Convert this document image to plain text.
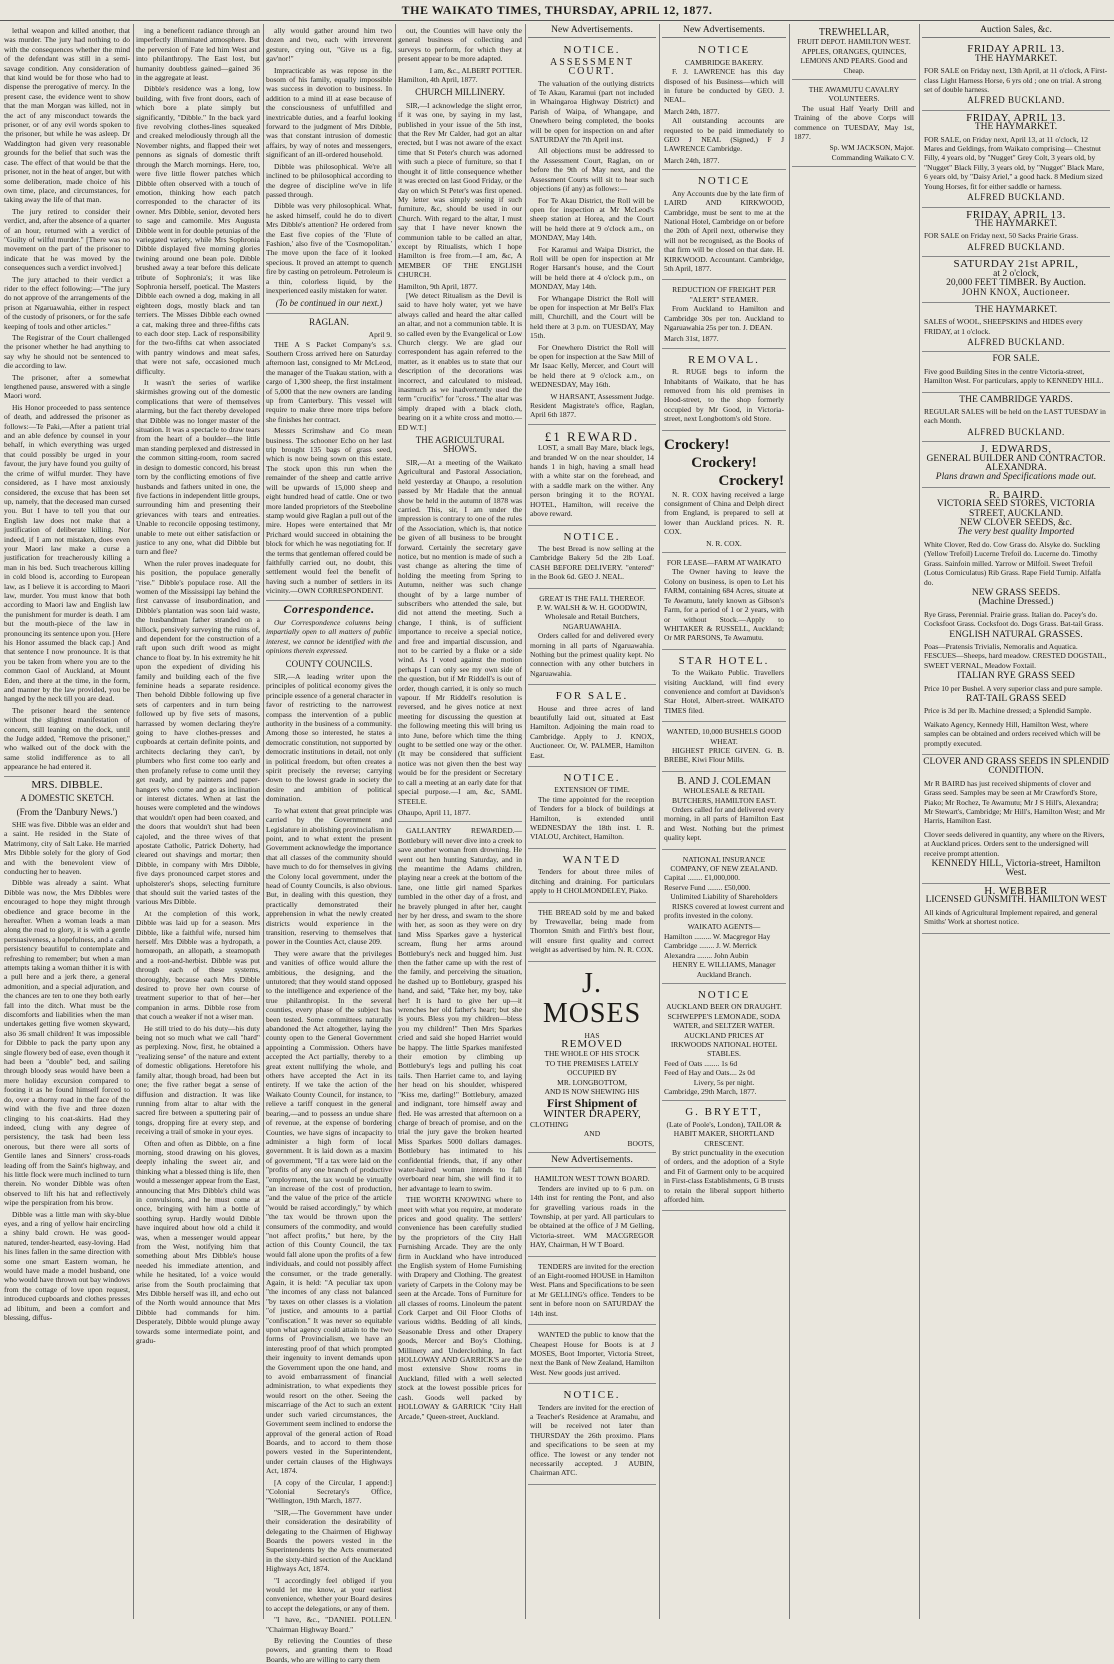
THE WAIKATO TIMES, THURSDAY, APRIL 12, 1877.

lethal weapon and killed another, that was murder. The jury had nothing to do with the consequences whether the mind of the defendant was still in a semi-savage condition. Any consideration of that kind would be for those who had to dispense the prerogative of mercy. In the present case, the evidence went to show that the man Morgan was killed, not in the act of any misconduct towards the prisoner, or of any evil words spoken to the prisoner, but while he was asleep. Dr Waddington had given very reasonable grounds for the belief that such was the case. The effect of that would be that the prisoner, not in the heat of anger, but with some deliberation, made choice of his own time, place, and circumstances, for taking away the life of that man.

The jury retired to consider their verdict, and, after the absence of a quarter of an hour, returned with a verdict of "Guilty of wilful murder." [There was no movement on the part of the prisoner to indicate that he was moved by the consequences such a verdict involved.]

The jury attached to their verdict a rider to the effect following:—"The jury do not approve of the arrangements of the prison at Ngaruawahia, either in respect of the custody of prisoners, or for the safe keeping of tools and other articles."

The Registrar of the Court challenged the prisoner whether he had anything to say why he should not be sentenced to die according to law.

The prisoner, after a somewhat lengthened pause, answered with a single Maori word.

His Honor proceeded to pass sentence of death, and addressed the prisoner as follows:—Te Paki,—After a patient trial and an able defence by counsel in your behalf, in which everything was urged that could possibly be urged in your favour, the jury have found you guilty of the crime of wilful murder. They have considered, as I have most anxiously considered, the excuse that has been set up, namely, that the deceased man cursed you. But I have to tell you that our English law does not make that a justification of deliberate killing. Nor indeed, if I am not mistaken, does even your Maori law make a curse a justification for treacherously killing a man in his bed. Such treacherous killing in cold blood is, according to European law, as I believe it is according to Maori law, murder. You must know that both according to Maori law and English law the punishment for murder is death. I am but the mouth-piece of the law in pronouncing its sentence upon you. [Here his Honor assumed the black cap.] And that sentence I now pronounce. It is that you be taken from where you are to the common Gaol of Auckland, at Mount Eden, and there at the time, in the form, and manner by the law provided, you be hanged by the neck till you are dead.

The prisoner heard the sentence without the slightest manifestation of concern, still leaning on the dock, until the Judge added, "Remove the prisoner," who walked out of the dock with the same stolid indifference as to all appearance he had entered it.

MRS. DIBBLE.
A DOMESTIC SKETCH.
(From the 'Danbury News.')

SHE was five. Dibble was an elder and a saint. He resided in the State of Matrimony, city of Salt Lake. He married Mrs Dibble solely for the glory of God and with the benevolent view of conducting her to heaven.

Dibble was already a saint. What Dibble was now, the Mrs Dibbles were encouraged to hope they might through obedience and grace become in the hereafter. When a woman leads a man along the road to glory, it is with a gentle persuasiveness, a hopefulness, and a calm persistency beautiful to contemplate and refreshing to remember; but when a man attempts taking a woman thither it is with a pull here and a jerk there, a general admonition, and a special adjuration, and the chances are ten to one they both early fall into the ditch. What must be the discomforts and liabilities when the man undertakes getting five women skyward, also 36 small children! It was impossible for Dibble to pack the party upon any single flowery bed of ease, even though it had been a "double" bed, and sailing through bloody seas would have been a mere holiday excursion compared to footing it as he found himself forced to do, over a thorny road in the face of the wind with the five and three dozen clinging to his coat-skirts. Had they indeed, clung with any degree of persistency, the task had been less onerous, but there were all sorts of Gentile lanes and Sinners' cross-roads leading off from the Saint's highway, and his little flock were much inclined to turn therein. No wonder Dibble was often observed to lift his hat and reflectively wipe the perspiration from his brow.

Dibble was a little man with sky-blue eyes, and a ring of yellow hair encircling a shiny bald crown. He was good-natured, tender-hearted, easy-loving. Had his lines fallen in the same direction with some one smart Eastern woman, he would have made a model husband, one who would have thrown out bay windows from the cottage of love upon request, introduced cupboards and clothes presses ad libitum, and been a comfort and blessing, diffus-

ing a beneficent radiance through an imperfectly illuminated atmosphere. But the perversion of Fate led him West and into philanthropy. The East lost, but humanity doubtless gained—gained 36 in the aggregate at least.

Dibble's residence was a long, low building, with five front doors, each of which bore a plate simply but significantly, "Dibble." In the back yard five revolving clothes-lines squeaked and creaked melodiously through all the November nights, and flapped their wet pennons as signals of domestic thrift through the March mornings. Here, too, were five little flower patches which Dibble often observed with a touch of emotion, thinking how each patch corresponded to the character of its owner. Mrs Dibble, senior, devoted hers to sage and camomile. Mrs Augusta Dibble went in for double petunias of the variegated variety, while Mrs Sophronia Dibble displayed five morning glories twining around one bean pole. Dibble brushed away a tear before this delicate tribute of Sophronia's; it was like Sophronia herself, poetical. The Masters Dibble each owned a dog, making in all eighteen dogs, mostly black and tan terriers. The Misses Dibble each owned a cat, making three and three-fifths cats to each door step. Lack of responsibility for the two-fifths cat when associated with pantry windows and meat safes, that were not safe, occasioned much difficulty.

It wasn't the series of warlike skirmishes growing out of the domestic complications that were of themselves alarming, but the fact thereby developed that Dibble was no longer master of the situation. It was a spectacle to draw tears from the heart of a boulder—the little man standing perplexed and distressed in the common sitting-room, room sacred in design to domestic concord, his breast torn by the conflicting emotions of five husbands and fathers united in one, the five factions in independent little groups, surrounding him and presenting their grievances with tears and entreaties. Unable to reconcile opposing testimony, unable to mete out either satisfaction or justice to any one, what did Dibble but turn and flee?

When the ruler proves inadequate for his position, the populace generally "rise." Dibble's populace rose. All the women of the Mississippi lay behind the first canvasse of insubordination, and Dibble's plantation was soon laid waste, the husbandman father stranded on a hillock, pensively surveying the ruins of, and dependent for the construction of a raft upon such drift wood as might chance to float by. In his extremity he hit upon the expedient of dividing his family and building each of the five feminine heads a separate residence. Then behold Dibble following up five sets of carpenters and in turn being followed up by five sets of masons, harrassed by women declaring they're going to have clothes-presses and cupboards at certain definite points, and architects declaring they can't, by plumbers who first come too early and then profanely refuse to come until they get ready, and by painters and paper-hangers who come and go as inclination or interest dictates. When at last the houses were completed and the windows that wouldn't open had been coaxed, and the doors that wouldn't shut had been cajoled, and the three wives of that apostate Catholic, Patrick Doherty, had cleared out shavings and mortar; then Dibble, in company with Mrs Dibble, five days pronounced carpet stores and upholsterer's shops, selecting furniture that should suit the varied tastes of the various Mrs Dibble.

At the completion of this work, Dibble was laid up for a season. Mrs Dibble, like a faithful wife, nursed him herself. Mrs Dibble was a hydropath, a homœopath, an allopath, a steamopath and a root-and-herbist. Dibble was put through each of these systems, thoroughly, because each Mrs Dibble desired to prove her own course of treatment superior to that of her—her companion in arms. Dibble rose from that couch a weaker if not a wiser man.

He still tried to do his duty—his duty being not so much what we call "hard" as perplexing. Now, first, he obtained a "realizing sense" of the nature and extent of domestic obligations. Heretofore his family altar, though broad, had been but one; the five rather begat a sense of diffusion and distraction. It was like running from altar to altar with the sacred fire between a sputtering pair of tongs, dropping fire at every step, and receiving a trail of smoke in your eyes.

Often and often as Dibble, on a fine morning, stood drawing on his gloves, deeply inhaling the sweet air, and thinking what a blessed thing is life, then would a messenger appear from the East, announcing that Mrs Dibble's child was in convulsions, and he must come at once, bringing with him a bottle of soothing syrup. Hardly would Dibble have inquired about how old a child it was, when a messenger would appear from the West, notifying him that something about Mrs Dibble's house needed his immediate attention, and while he hesitated, lo! a voice would arise from the South proclaiming that Mrs Dibble herself was ill, and echo out of the North would announce that Mrs Dibble had commands for him. Desperately, Dibble would plunge away towards some intermediate point, and gradu-

ally would gather around him two dozen and two, each with irreverent gesture, crying out, "Give us a fig, gav'nor!"

Impracticable as was repose in the bosom of his family, equally impossible was success in devotion to business. In addition to a mind ill at ease because of the consciousness of unfulfilled and inextricable duties, and a fearful looking forward to the judgment of Mrs Dibble, was that constant intrusion of domestic affairs, by way of notes and messengers, significant of an ill-ordered household.

Dibble was philosophical. We're all inclined to be philosophical according to the degree of discipline we've in life passed through.

Dibble was very philosophical. What, he asked himself, could he do to divert Mrs Dibble's attention? He ordered from the East five copies of the 'Flute of Fashion,' also five of the 'Cosmopolitan.' The move upon the face of it looked specious. It proved an attempt to quench fire by casting on petroleum. Petroleum is a thin, colorless liquid, by the inexperienced easily mistaken for water.

(To be continued in our next.)
RAGLAN.
April 9.

THE A S Packet Company's s.s. Southern Cross arrived here on Saturday afternoon last, consigned to Mr McLeod, the manager of the Tuakau station, with a cargo of 1,300 sheep, the first instalment of 5,000 that the new owners are landing up from Canterbury. This vessel will require to make three more trips before she finishes her contract.

Messrs Scrimshaw and Co mean business. The schooner Echo on her last trip brought 135 bags of grass seed, which is now being sown on this estate. The stock upon this run when the remainder of the sheep and cattle arrive will be upwards of 15,000 sheep and eight hundred head of cattle. One or two more landed proprietors of the Steeboline stamp would give Raglan a pull out of the mire. Hopes were entertained that Mr Prichard would succeed in obtaining the block for which he was negotiating for. If the terms that gentleman offered could be faithfully carried out, no doubt, this settlement would feel the benefit of having such a number of settlers in its vicinity.—OWN CORRESPONDENT.

Correspondence.

Our Correspondence columns being impartially open to all matters of public interest, we cannot be identified with the opinions therein expressed.

COUNTY COUNCILS.

SIR,—A leading writer upon the principles of political economy gives the principle essence of a general character in favor of restricting to the narrowest compass the intervention of a public authority in the business of a community. Among those so interested, he states a democratic constitution, not supported by democratic institutions in detail, not only in political freedom, but often creates a spirit precisely the reverse; carrying down to the lowest grade in society the desire and ambition of political domination.

To what extent that great principle was carried by the Government and Legislature in abolishing provincialism in point, and to what extent the present Government acknowledge the importance that all classes of the community should have much to do for themselves in giving the Colony local government, under the head of County Councils, is also obvious. But, in dealing with this question, they practically demonstrated their apprehension in what the newly created districts would experience in the transition, reserving to themselves that power in the Counties Act, clause 209.

They were aware that the privileges and vanities of office would allure the ambitious, the designing, and the untutored; that they would stand opposed to the intelligence and experience of the true philanthropist. In the several counties, every phase of the subject has been tested. Some committees naturally abandoned the Act altogether, laying the county open to the General Government appointing a Commission. Others have accepted the Act partially, thereby to a great extent nullifying the whole, and others have accepted the Act in its entirety. If we take the action of the Waikato County Council, for instance, to relieve a tariff conquest in the general bearing,—and to possess an undue share of revenue, at the expense of bordering Counties, we have signs of incapacity to administer a high form of local government. It is laid down as a maxim of government, "If a tax were laid on the "profits of any one branch of productive "employment, the tax would be virtually "an increase of the cost of production, "and the value of the price of the article "would be raised accordingly," by which "the tax would be thrown upon the consumers of the commodity, and would "not affect profits," but here, by the action of this County Council, the tax would fall alone upon the profits of a few individuals, and could not possibly affect the consumer, or the trade generally. Again, it is held: "A peculiar tax upon "the incomes of any class not balanced "by taxes on other classes is a violation "of justice, and amounts to a partial "confiscation." It was never so equitable upon what agency could attain to the two forms of Provincialism, we have an interesting proof of that which prompted their ingenuity to invent demands upon the Government upon the one hand, and to avoid embarrassment of financial administration, to what expedients they would resort on the other. Seeing the miscarriage of the Act to such an extent under such varied circumstances, the Government seem inclined to endorse the approval of the general action of Road Boards, and to accord to them those powers vested in the Superintendent, under certain clauses of the Highways Act, 1874.

[A copy of the Circular, I append:] "Colonial Secretary's Office, "Wellington, 19th March, 1877.

"SIR,—The Government have under their consideration the desirability of delegating to the Chairmen of Highway Boards the powers vested in the Superintendents by the Acts enumerated in the sixty-third section of the Auckland Highways Act, 1874.

"I accordingly feel obliged if you would let me know, at your earliest convenience, whether your Board desires to accept the delegations, or any of them.

"I have, &c., "DANIEL POLLEN. "Chairman Highway Board."

By relieving the Counties of these powers, and granting them to Road Boards, who are willing to carry them

out, the Counties will have only the general business of collecting and surveys to perform, for which they at present appear to be more adapted.

I am, &c., ALBERT POTTER.
Hamilton, 4th April, 1877.
CHURCH MILLINERY.

SIR,—I acknowledge the slight error, if it was one, by saying in my last, published in your issue of the 5th inst, that the Rev Mr Calder, had got an altar erected, but I was not aware of the exact time that St Peter's church was adorned with such a piece of furniture, so that I thought it of little consequence whether it was erected on last Good Friday, or the day on which St Peter's was first opened. My letter was simply seeing if such furniture, &c, should be used in our Church. With regard to the altar, I must say that I have never known the communion table to be called an altar, except by Ritualists, which I hope Hamilton is free from.—I am, &c, A MEMBER OF THE ENGLISH CHURCH.

Hamilton, 9th April, 1877.

[We detect Ritualism as the Devil is said to have holy water, yet we have always called and heard the altar called an altar, and not a communion table. It is so called even by the Evangelical or Low Church clergy. We are glad our correspondent has again referred to the matter, as it enables us to state that our description of the decorations was incorrect, and calculated to mislead, inasmuch as we inadvertently used the term "crucifix" for "cross." The altar was simply draped with a black cloth, bearing on it a white cross and motto.—ED W.T.]

THE AGRICULTURAL SHOWS.

SIR,—At a meeting of the Waikato Agricultural and Pastoral Association, held yesterday at Ohaupo, a resolution passed by Mr Hadale that the annual show be held in the autumn of 1878 was carried. This, sir, I am under the impression is contrary to one of the rules of the Association, which is, that notice be given of all business to be brought forward. Certainly the secretary gave notice, but no mention is made of such a vast change as altering the time of holding the meeting from Spring to Autumn, neither was such change thought of by a large number of subscribers who attended the sale, but did not attend the meeting. Such a change, I think, is of sufficient importance to receive a special notice, and free and impartial discussion, and not to be carried by a fluke or a side wind. As I voted against the motion perhaps I can only see my own side of the question, but if Mr Riddell's is out of order, though carried, it is only so much vapour. If Mr Riddell's resolution is reversed, and he gives notice at next meeting for discussing the question at the following meeting this will bring us into June, before which time the thing ought to be settled one way or the other. (It may be considered that sufficient notice was not given then the best way would be for the president or Secretary to call a meeting at an early date for that special purpose.—I am, &c, SAML STEELE.

Ohaupo, April 11, 1877.

GALLANTRY REWARDED.—Bottlebury will never dive into a creek to save another woman from drowning. He went out hen hunting Saturday, and in the meantime the Adams children, playing near a creek at the bottom of the lane, one little girl named Sparkes tumbled in the other day of a frost, and he bravely plunged in after her, caught her by her dress, and swam to the shore with her, as soon as they were on dry land Miss Sparkes gave a hysterical scream, flung her arms around Bottlebury's neck and hugged him. Just then the father came up with the rest of the family, and perceiving the situation, he dashed up to Bottlebury, grasped his hand, and said, "Take her, my boy, take her! It is hard to give her up—it wrenches her old father's heart; but she is yours. Bless you my children—bless you my children!" Then Mrs Sparkes cried and said she hoped Harriet would be happy. The little Sparkes manifested their emotion by climbing up Bottlebury's legs and pulling his coat tails. Then Harriet came to, and laying her head on his shoulder, whispered "Kiss me, darling!" Bottlebury, amazed and indignant, tore himself away and fled. He was arrested that afternoon on a charge of breach of promise, and on the trial the jury gave the broken hearted Miss Sparkes 5000 dollars damages. Bottlebury has intimated to his confidential friends, that, if any other water-haired woman intends to fall overboard near him, she will find it to her advantage to learn to swim.

THE WORTH KNOWING where to meet with what you require, at moderate prices and good quality. The settlers' convenience has been carefully studied by the proprietors of the City Hall Furnishing Arcade. They are the only firm in Auckland who have introduced the English system of Home Furnishing with Drapery and Clothing. The greatest variety of Carpets in the Colony may be seen at the Arcade. Tons of Furniture for all classes of rooms. Linoleum the patent Cork Carpet and Oil Floor Cloths of various widths. Bedding of all kinds, Seasonable Dress and other Drapery goods, Mercer and Boy's Clothing, Millinery and Underclothing. In fact HOLLOWAY AND GARRICK'S are the most extensive Show rooms in Auckland, filled with a well selected stock at the lowest possible prices for cash. Goods well packed by HOLLOWAY & GARRICK "City Hall Arcade," Queen-street, Auckland.

New Advertisements.
NOTICE.
ASSESSMENT COURT.

The valuation of the outlying districts of Te Akau, Karamui (part not included in Whaingaroa Highway District) and Parish of Waipa, of Whangape, and Onewhero being completed, the books will be open for inspection on and after SATURDAY the 7th April inst.

All objections must be addressed to the Assessment Court, Raglan, on or before the 9th of May next, and the Assessment Courts will sit to hear such objections (if any) as follows:—

For Te Akau District, the Roll will be open for inspection at Mr McLeod's sheep station at Horea, and the Court will be held there at 9 o'clock a.m., on MONDAY, May 14th.

For Karamui and Waipa District, the Roll will be open for inspection at Mr Roger Harsant's house, and the Court will be held there at 4 o'clock p.m., on MONDAY, May 14th.

For Whangape District the Roll will be open for inspection at Mr Bell's Flax mill, Churchill, and the Court will be held there at 3 p.m. on TUESDAY, May 15th.

For Onewhero District the Roll will be open for inspection at the Saw Mill of Mr Isaac Kelly, Mercer, and Court will be held there at 9 o'clock a.m., on WEDNESDAY, May 16th.

W HARSANT, Assessment Judge.
Resident Magistrate's office, Raglan, April 6th 1877.
£1 REWARD.

LOST, a small Bay Mare, black legs, and branded W on the near shoulder, 14 hands 1 in high, having a small head with a white star on the forehead, and with a saddle mark on the wither. Any person bringing it to the ROYAL HOTEL, Hamilton, will receive the above reward.

NOTICE.

The best Bread is now selling at the Cambridge Bakery 5d the 2lb Loaf. CASH BEFORE DELIVERY. "entered" in the Book 6d. GEO J. NEAL.

GREAT IS THE FALL THEREOF.
P. W. WALSH & W. H. GOODWIN,
Wholesale and Retail Butchers, NGARUAWAHIA.

Orders called for and delivered every morning in all parts of Ngaruawahia. Nothing but the primest quality kept. No connection with any other butchers in Ngaruawahia.

FOR SALE.

House and three acres of land beautifully laid out, situated at East Hamilton. Adjoining the main road to Cambridge. Apply to J. KNOX, Auctioneer. Or, W. PALMER, Hamilton East.

NOTICE.
EXTENSION OF TIME.

The time appointed for the reception of Tenders for a block of buildings at Hamilton, is extended until WEDNESDAY the 18th inst. I. R. VIALOU, Architect, Hamilton.

WANTED

Tenders for about three miles of ditching and draining. For particulars apply to H CHOLMONDELEY, Piako.

THE BREAD sold by me and baked by Trewavellar, being made from Thornton Smith and Firth's best flour, will ensure first quality and correct weight as advertised by him. N. R. COX.

J. MOSES
HAS
REMOVED
THE WHOLE OF HIS STOCK
TO THE PREMISES LATELY
OCCUPIED BY
MR. LONGBOTTOM,
AND IS NOW SHEWING HIS
First Shipment of
WINTER DRAPERY,
CLOTHING
AND
BOOTS,
New Advertisements.
HAMILTON WEST TOWN BOARD.

Tenders are invited up to 6 p.m. on 14th inst for renting the Pont, and also for gravelling various roads in the Township, at per yard. All particulars to be obtained at the office of J M Gelling, Victoria-street. WM MACGREGOR HAY, Chairman, H W T Board.

TENDERS are invited for the erection of an Eight-roomed HOUSE in Hamilton West. Plans and Specifications to be seen at Mr GELLING's office. Tenders to be sent in before noon on SATURDAY the 14th inst.

WANTED the public to know that the Cheapest House for Boots is at J MOSES, Boot Importer, Victoria Street, next the Bank of New Zealand, Hamilton West. New goods just arrived.

NOTICE.

Tenders are invited for the erection of a Teacher's Residence at Aramahu, and will be received not later than THURSDAY the 26th proximo. Plans and specifications to be seen at my office. The lowest or any tender not necessarily accepted. J AUBIN, Chairman ATC.

New Advertisements.
NOTICE
CAMBRIDGE BAKERY.

F. J. LAWRENCE has this day disposed of his Business—which will in future be conducted by GEO. J. NEAL.

March 24th, 1877.

All outstanding accounts are requested to be paid immediately to GEO J NEAL (Signed,) F J LAWRENCE Cambridge.

March 24th, 1877.
NOTICE

Any Accounts due by the late firm of LAIRD AND KIRKWOOD, Cambridge, must be sent to me at the National Hotel, Cambridge on or before the 20th of April next, otherwise they will not be recognised, as the Books of that firm will be closed on that date. H. KIRKWOOD. Accountant. Cambridge, 5th April, 1877.

REDUCTION OF FREIGHT PER "ALERT" STEAMER.

From Auckland to Hamilton and Cambridge 30s per ton. Auckland to Ngaruawahia 25s per ton. J. DEAN.

March 31st, 1877.
REMOVAL.

R. RUGE begs to inform the Inhabitants of Waikato, that he has removed from his old premises in Hood-street, to the shop formerly occupied by Mr Good, in Victoria-street, next Longbottom's old Store.

Crockery!
Crockery!
Crockery!

N. R. COX having received a large consignment of China and Delph direct from England, is prepared to sell at lower than Auckland prices. N. R. COX.

N. R. COX.
FOR LEASE—FARM AT WAIKATO

The Owner having to leave the Colony on business, is open to Let his FARM, containing 684 Acres, situate at Te Awamutu, lately known as Gibson's Farm, for a period of 1 or 2 years, with or without Stock.—Apply to WHITAKER & RUSSELL, Auckland; Or MR PARSONS, Te Awamutu.

STAR HOTEL.

To the Waikato Public. Travellers visiting Auckland, will find every convenience and comfort at Davidson's Star Hotel, Albert-street. WAIKATO TIMES filed.

WANTED, 10,000 BUSHELS GOOD WHEAT.

HIGHEST PRICE GIVEN. G. B. BREBE, Kiwi Flour Mills.

B. AND J. COLEMAN
WHOLESALE & RETAIL BUTCHERS, HAMILTON EAST.

Orders called for and delivered every morning, in all parts of Hamilton East and West. Nothing but the primest quality kept.

NATIONAL INSURANCE COMPANY, OF NEW ZEALAND.
Capital ........ £1,000,000.
Reserve Fund ........ £50,000.
Unlimited Liability of Shareholders

RISKS covered at lowest current and profits invested in the colony.

WAIKATO AGENTS—
Hamilton ......... W. Macgregor Hay
Cambridge ........ J. W. Merrick
Alexandra ........ John Aubin
HENRY E. WILLIAMS, Manager Auckland Branch.
NOTICE
AUCKLAND BEER ON DRAUGHT. SCHWEPPE'S LEMONADE, SODA WATER, and SELTZER WATER.
AUCKLAND PRICES AT IRKWOODS NATIONAL HOTEL STABLES.
Feed of Oats ........ 1s 6d
Feed of Hay and Oats.... 2s 0d
Livery, 5s per night.
Cambridge, 29th March, 1877.
G. BRYETT,
(Late of Poole's, London), TAILOR & HABIT MAKER, SHORTLAND CRESCENT.

By strict punctuality in the execution of orders, and the adoption of a Style and Fit of Garment only to be acquired in First-class Establishments, G B trusts to retain the liberal support hitherto afforded him.

TREWHELLAR,
FRUIT DEPOT. HAMILTON WEST. APPLES, ORANGES, QUINCES, LEMONS AND PEARS. Good and Cheap.
THE AWAMUTU CAVALRY VOLUNTEERS.

The usual Half Yearly Drill and Training of the above Corps will commence on TUESDAY, May 1st, 1877.

Sp. WM JACKSON, Major. Commanding Waikato C V.
Auction Sales, &c.
FRIDAY APRIL 13.
THE HAYMARKET.
FOR SALE on Friday next, 13th April, at 11 o'clock, A First-class Light Harness Horse, 6 yrs old ; one on trial. A strong set of double harness.
ALFRED BUCKLAND.
FRIDAY, APRIL 13.
THE HAYMARKET.
FOR SALE, on Friday next, April 13, at 11 o'clock, 12 Mares and Geldings, from Waikato comprising— Chestnut Filly, 4 years old, by "Nugget" Grey Colt, 3 years old, by "Nugget" Black Filly, 3 years old, by "Nugget" Black Mare, 6 years old, by "Daisy Ariel," a good hack. 8 Medium sized Young Horses, fit for either saddle or harness.
ALFRED BUCKLAND.
FRIDAY, APRIL 13.
THE HAYMARKET.
FOR SALE on Friday next, 50 Sacks Prairie Grass.
ALFRED BUCKLAND.
SATURDAY 21st APRIL,
at 2 o'clock,
20,000 FEET TIMBER. By Auction.
JOHN KNOX, Auctioneer.
THE HAYMARKET.
SALES of WOOL, SHEEPSKINS and HIDES every FRIDAY, at 1 o'clock.
ALFRED BUCKLAND.
FOR SALE.
Five good Building Sites in the centre Victoria-street, Hamilton West. For particulars, apply to KENNEDY HILL.
THE CAMBRIDGE YARDS.
REGULAR SALES will be held on the LAST TUESDAY in each Month.
ALFRED BUCKLAND.
J. EDWARDS,
GENERAL BUILDER AND CONTRACTOR. ALEXANDRA.
Plans drawn and Specifications made out.
R. BAIRD.
VICTORIA SEED STORES, VICTORIA STREET, AUCKLAND.
NEW CLOVER SEEDS, &c.
The very best quality Imported
White Clover, Red do. Cow Grass do. Alsyke do. Suckling (Yellow Trefoil) Lucerne Trefoil do. Lucerne do. Timothy Grass. Sainfoin milled. Yarrow or Milfoil. Sweet Trefoil (Lotus Corniculatus) Rib Grass. Rape Field Turnip. Alfalfa do.
NEW GRASS SEEDS.
(Machine Dressed.)
Rye Grass, Perennial. Prairie grass. Italian do. Pacey's do. Cocksfoot Grass. Cocksfoot do. Dogs Grass. Bat-tail Grass.
ENGLISH NATURAL GRASSES.
Poas—Pratensis Trivialis, Nemoralis and Aquatica. FESCUES—Sheeps, hard meadow. CRESTED DOGSTAIL, SWEET VERNAL, Meadow Foxtail.
ITALIAN RYE GRASS SEED
Price 10 per Bushel. A very superior class and pure sample.
RAT-TAIL GRASS SEED
Price is 3d per lb. Machine dressed; a Splendid Sample.
Waikato Agency, Kennedy Hill, Hamilton West, where samples can be obtained and orders received which will be promptly executed.
CLOVER AND GRASS SEEDS IN SPLENDID CONDITION.
Mr R BAIRD has just received shipments of clover and Grass seed. Samples may be seen at Mr Crawford's Store, Piako; Mr Rochez, Te Awamutu; Mr J S Hill's, Alexandra; Mr Stewart's, Cambridge; Mr Hill's, Hamilton West; and Mr Harris, Hamilton East.
Clover seeds delivered in quantity, any where on the Rivers, at Auckland prices. Orders sent to the undersigned will receive prompt attention.
KENNEDY HILL, Victoria-street, Hamilton West.
H. WEBBER
LICENSED GUNSMITH. HAMILTON WEST
All kinds of Agricultural Implement repaired, and general Smiths' Work at shortest notice.
